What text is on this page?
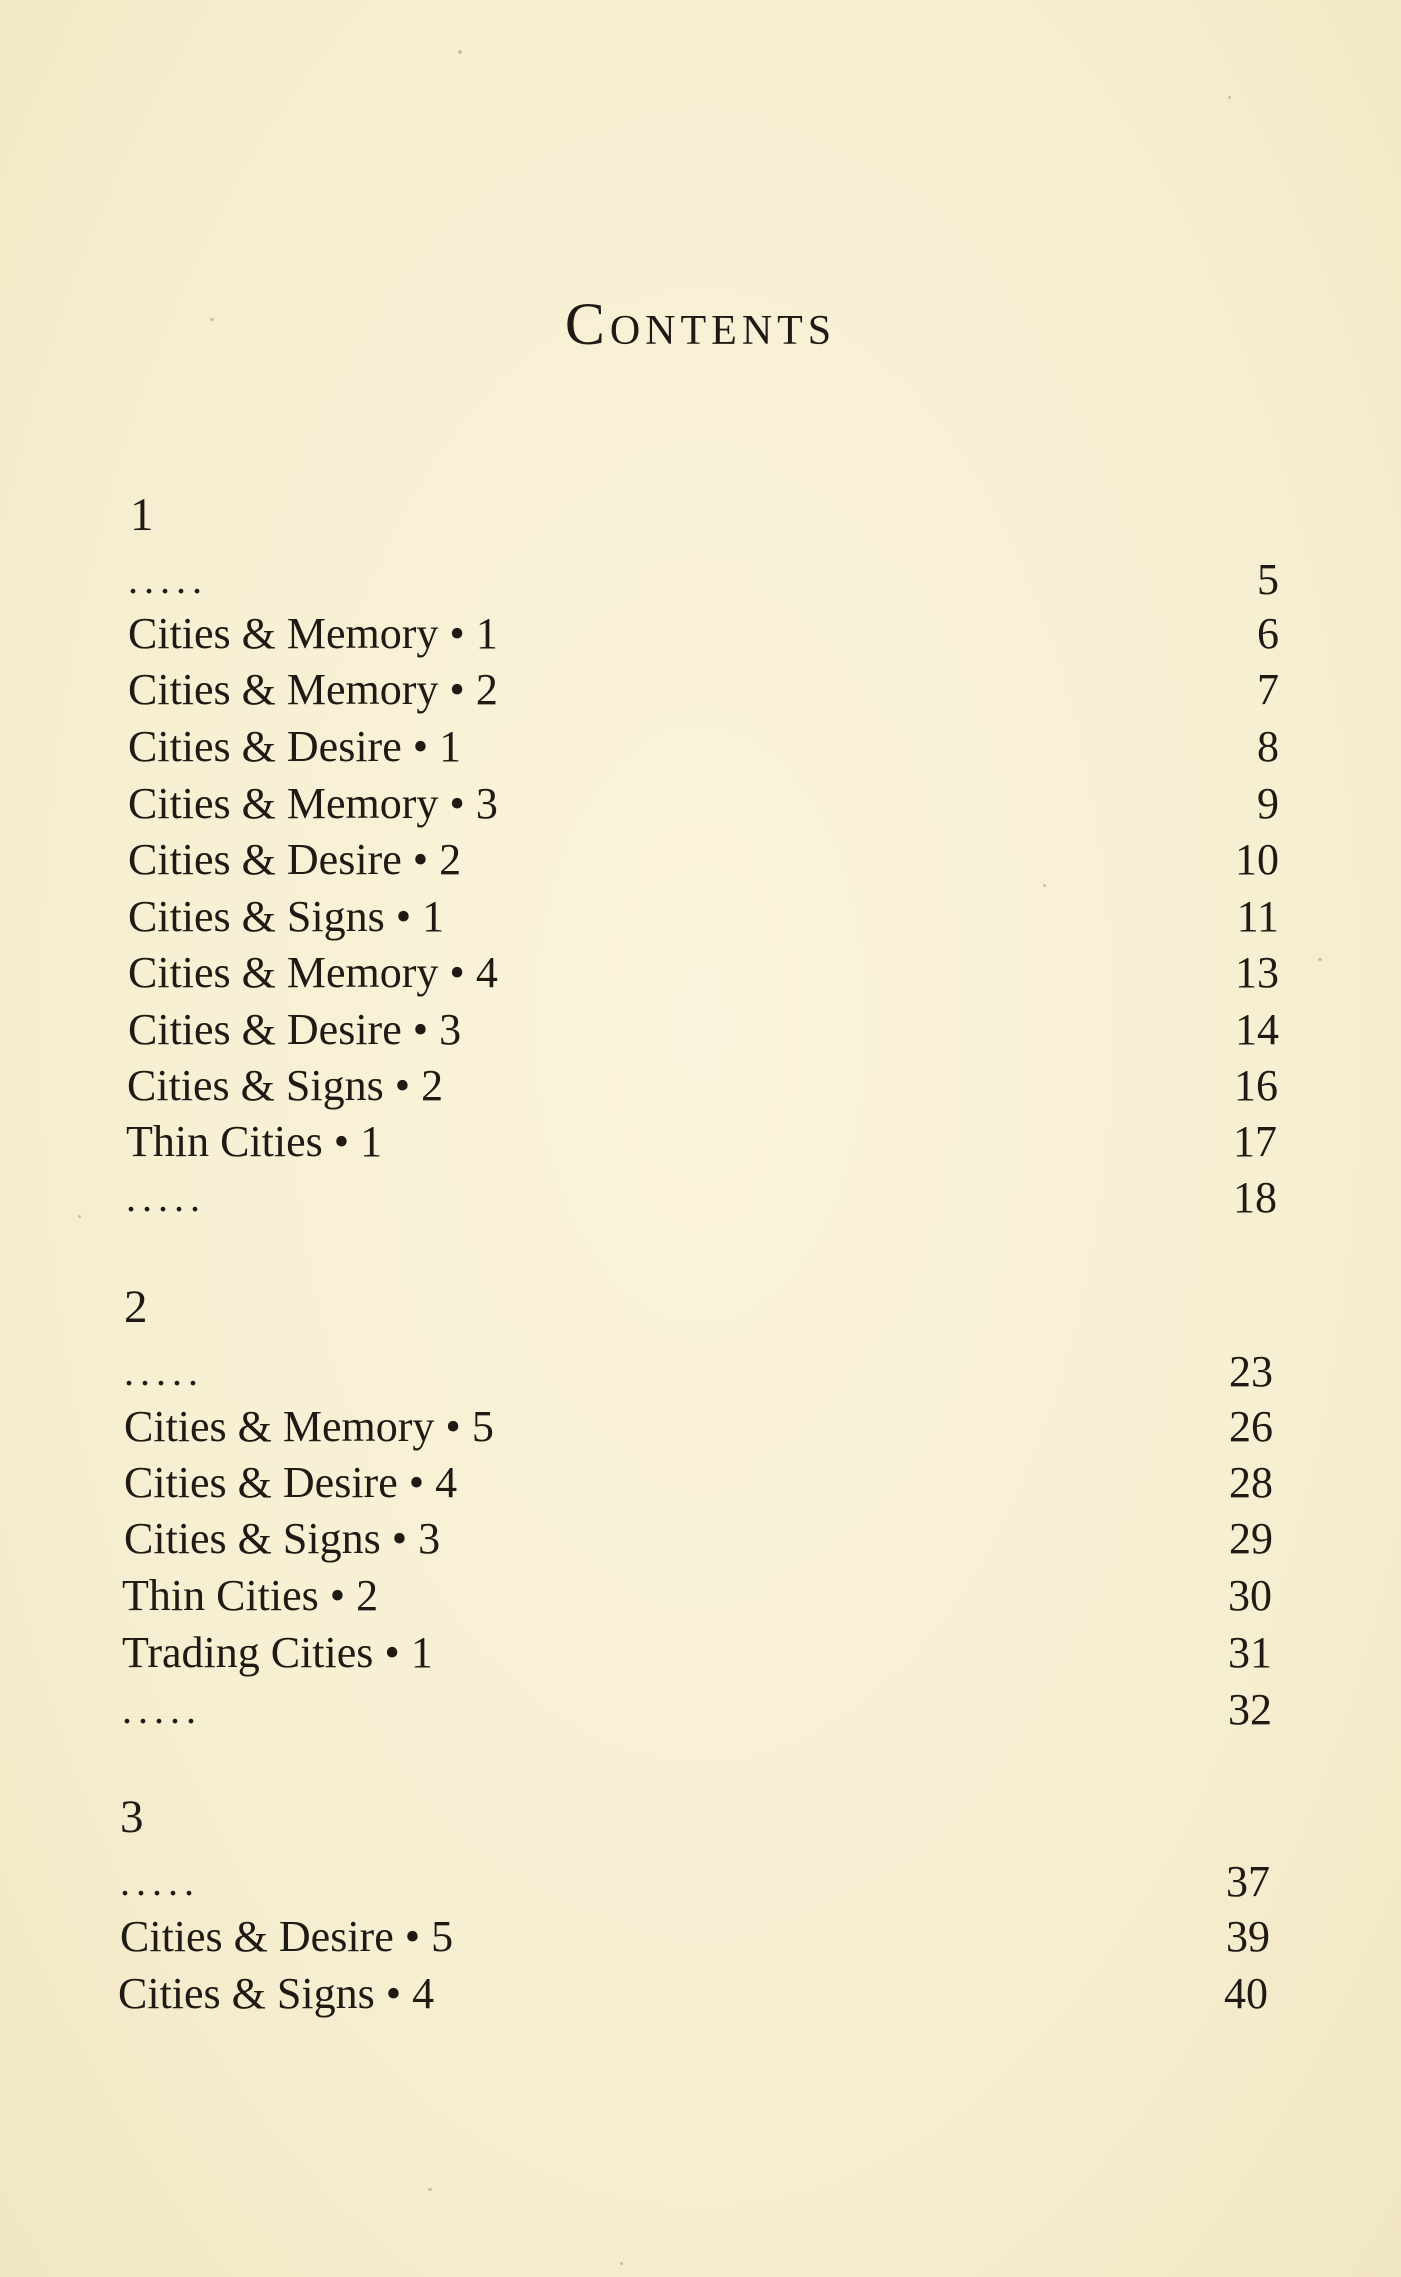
Contents
1
.....	5
Cities & Memory • 1	6
Cities & Memory • 2	7
Cities & Desire • 1	8
Cities & Memory • 3	9
Cities & Desire • 2	10
Cities & Signs • 1	11
Cities & Memory • 4	13
Cities & Desire • 3	14
Cities & Signs • 2	16
Thin Cities • 1	17
.....	18
2
.....	23
Cities & Memory • 5	26
Cities & Desire • 4	28
Cities & Signs • 3	29
Thin Cities • 2	30
Trading Cities • 1	31
.....	32
3
.....	37
Cities & Desire • 5	39
Cities & Signs • 4	40
